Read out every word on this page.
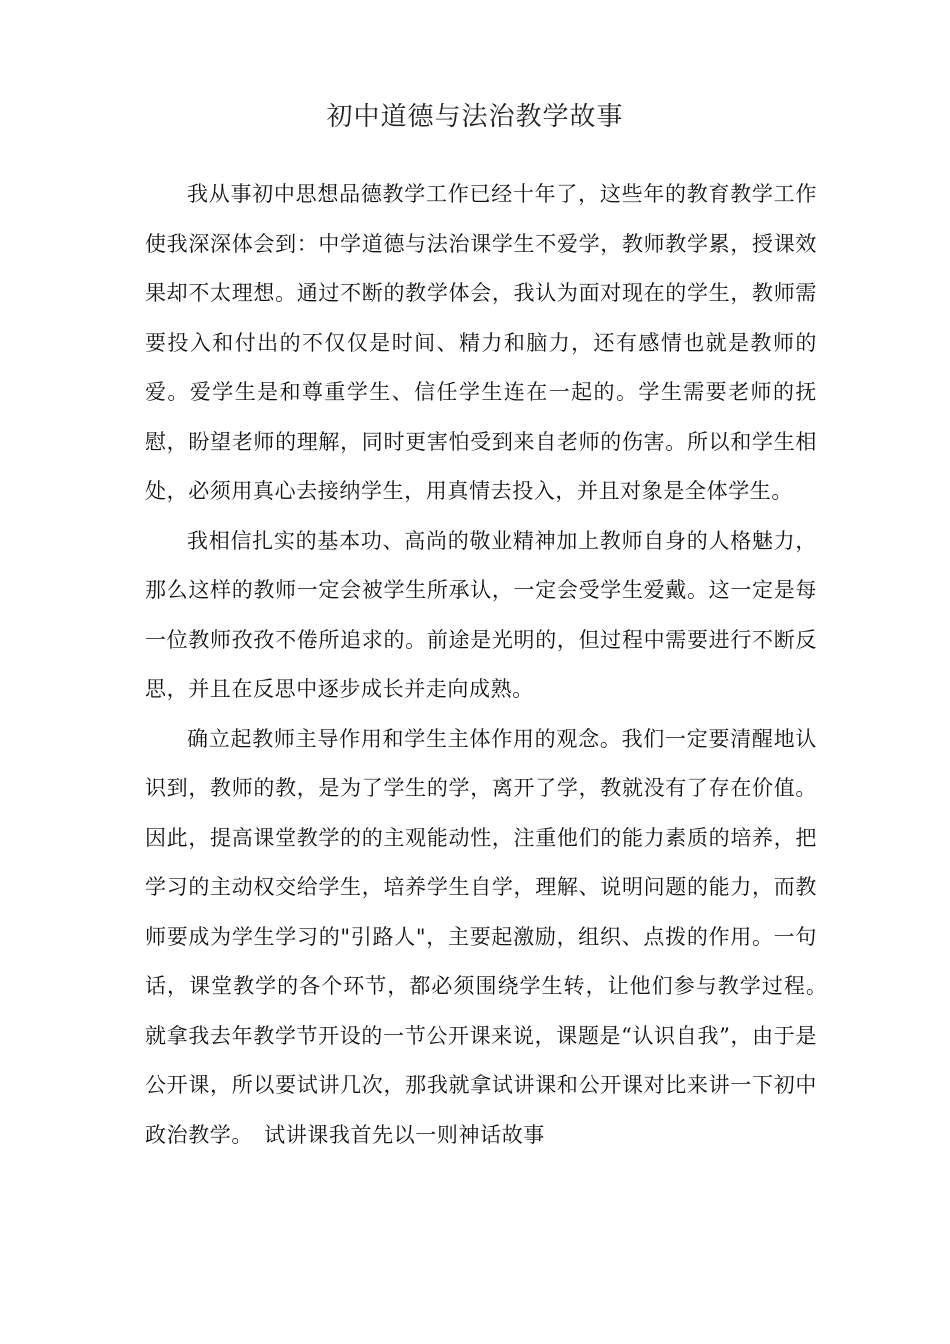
初中道德与法治教学故事

我从事初中思想品德教学工作已经十年了，这些年的教育教学工作使我深深体会到：中学道德与法治课学生不爱学，教师教学累，授课效果却不太理想。通过不断的教学体会，我认为面对现在的学生，教师需要投入和付出的不仅仅是时间、精力和脑力，还有感情也就是教师的爱。爱学生是和尊重学生、信任学生连在一起的。学生需要老师的抚慰，盼望老师的理解，同时更害怕受到来自老师的伤害。所以和学生相处，必须用真心去接纳学生，用真情去投入，并且对象是全体学生。

我相信扎实的基本功、高尚的敬业精神加上教师自身的人格魅力，那么这样的教师一定会被学生所承认，一定会受学生爱戴。这一定是每一位教师孜孜不倦所追求的。前途是光明的，但过程中需要进行不断反思，并且在反思中逐步成长并走向成熟。

确立起教师主导作用和学生主体作用的观念。我们一定要清醒地认识到，教师的教，是为了学生的学，离开了学，教就没有了存在价值。因此，提高课堂教学的的主观能动性，注重他们的能力素质的培养，把学习的主动权交给学生，培养学生自学，理解、说明问题的能力，而教师要成为学生学习的"引路人"，主要起激励，组织、点拨的作用。一句话，课堂教学的各个环节，都必须围绕学生转，让他们参与教学过程。　就拿我去年教学节开设的一节公开课来说，课题是“认识自我”，由于是公开课，所以要试讲几次，那我就拿试讲课和公开课对比来讲一下初中政治教学。　试讲课我首先以一则神话故事
